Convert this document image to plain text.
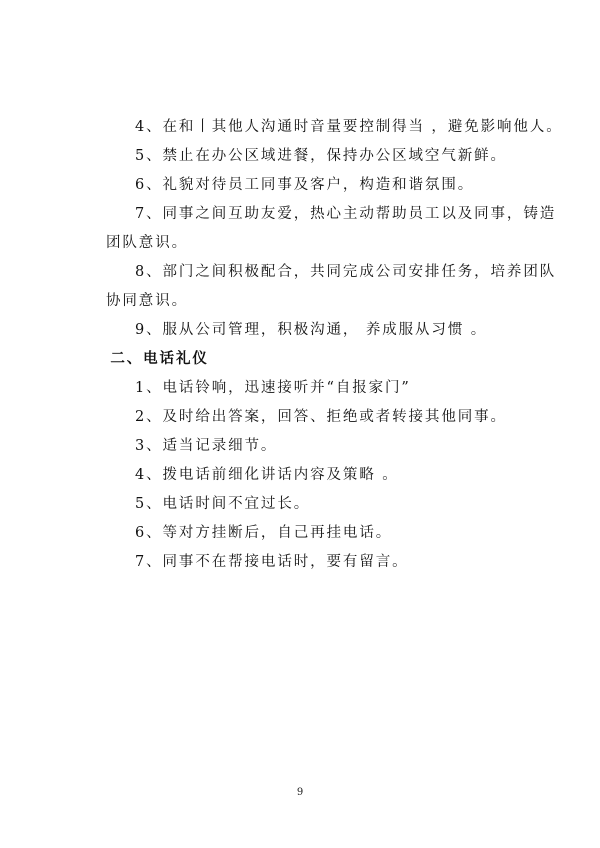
4、在和丨其他人沟通时音量要控制得当 ，避免影响他人。

5、禁止在办公区域进餐，保持办公区域空气新鲜。

6、礼貌对待员工同事及客户，构造和谐氛围。

7、同事之间互助友爱，热心主动帮助员工以及同事，铸造
团队意识。

8、部门之间积极配合，共同完成公司安排任务，培养团队
协同意识。

9、服从公司管理，积极沟通， 养成服从习惯 。

二、电话礼仪

1、电话铃响，迅速接听并“自报家门”

2、及时给出答案，回答、拒绝或者转接其他同事。

3、适当记录细节。

4、拨电话前细化讲话内容及策略 。

5、电话时间不宜过长。

6、等对方挂断后，自己再挂电话。

7、同事不在帮接电话时，要有留言。

9
